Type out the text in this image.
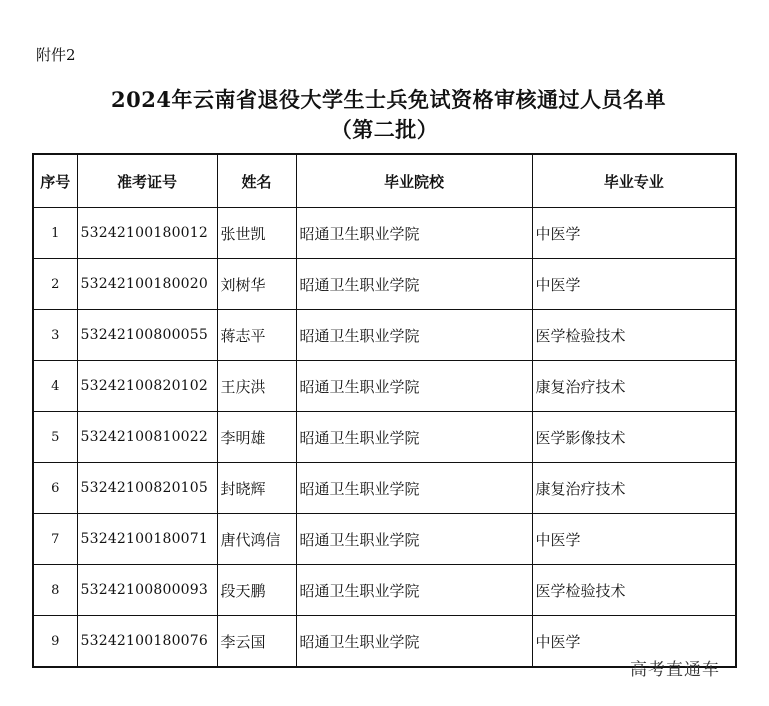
附件2
2024年云南省退役大学生士兵免试资格审核通过人员名单
（第二批）
序号	准考证号	姓名	毕业院校	毕业专业
1	53242100180012	张世凯	昭通卫生职业学院	中医学
2	53242100180020	刘树华	昭通卫生职业学院	中医学
3	53242100800055	蒋志平	昭通卫生职业学院	医学检验技术
4	53242100820102	王庆洪	昭通卫生职业学院	康复治疗技术
5	53242100810022	李明雄	昭通卫生职业学院	医学影像技术
6	53242100820105	封晓辉	昭通卫生职业学院	康复治疗技术
7	53242100180071	唐代鸿信	昭通卫生职业学院	中医学
8	53242100800093	段天鹏	昭通卫生职业学院	医学检验技术
9	53242100180076	李云国	昭通卫生职业学院	中医学
高考直通车
